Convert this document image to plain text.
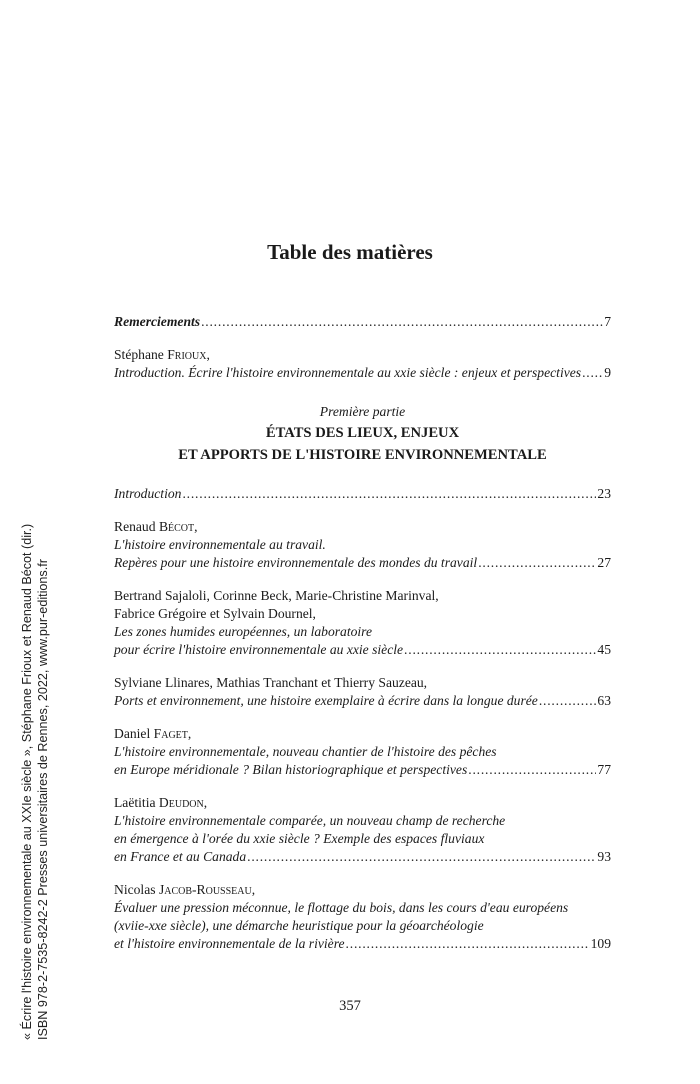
« Écrire l'histoire environnementale au XXIe siècle », Stéphane Frioux et Renaud Bécot (dir.) ISBN 978-2-7535-8242-2 Presses universitaires de Rennes, 2022, www.pur-editions.fr
Table des matières
Remerciements . . .	7
Stéphane Frioux,
Introduction. Écrire l'histoire environnementale au xxie siècle : enjeux et perspectives . . . 9
Première partie
ÉTATS DES LIEUX, ENJEUX
ET APPORTS DE L'HISTOIRE ENVIRONNEMENTALE
Introduction . . .	23
Renaud Bécot,
L'histoire environnementale au travail.
Repères pour une histoire environnementale des mondes du travail . . .	27
Bertrand Sajaloli, Corinne Beck, Marie-Christine Marinval,
Fabrice Grégoire et Sylvain Dournel,
Les zones humides européennes, un laboratoire
pour écrire l'histoire environnementale au xxie siècle . . .	45
Sylviane Llinares, Mathias Tranchant et Thierry Sauzeau,
Ports et environnement, une histoire exemplaire à écrire dans la longue durée . . .	63
Daniel Faget,
L'histoire environnementale, nouveau chantier de l'histoire des pêches
en Europe méridionale ? Bilan historiographique et perspectives . . .	77
Laëtitia Deudon,
L'histoire environnementale comparée, un nouveau champ de recherche
en émergence à l'orée du xxie siècle ? Exemple des espaces fluviaux
en France et au Canada . . .	93
Nicolas Jacob-Rousseau,
Évaluer une pression méconnue, le flottage du bois, dans les cours d'eau européens
(xviie-xxe siècle), une démarche heuristique pour la géoarchéologie
et l'histoire environnementale de la rivière . . .	109
357
